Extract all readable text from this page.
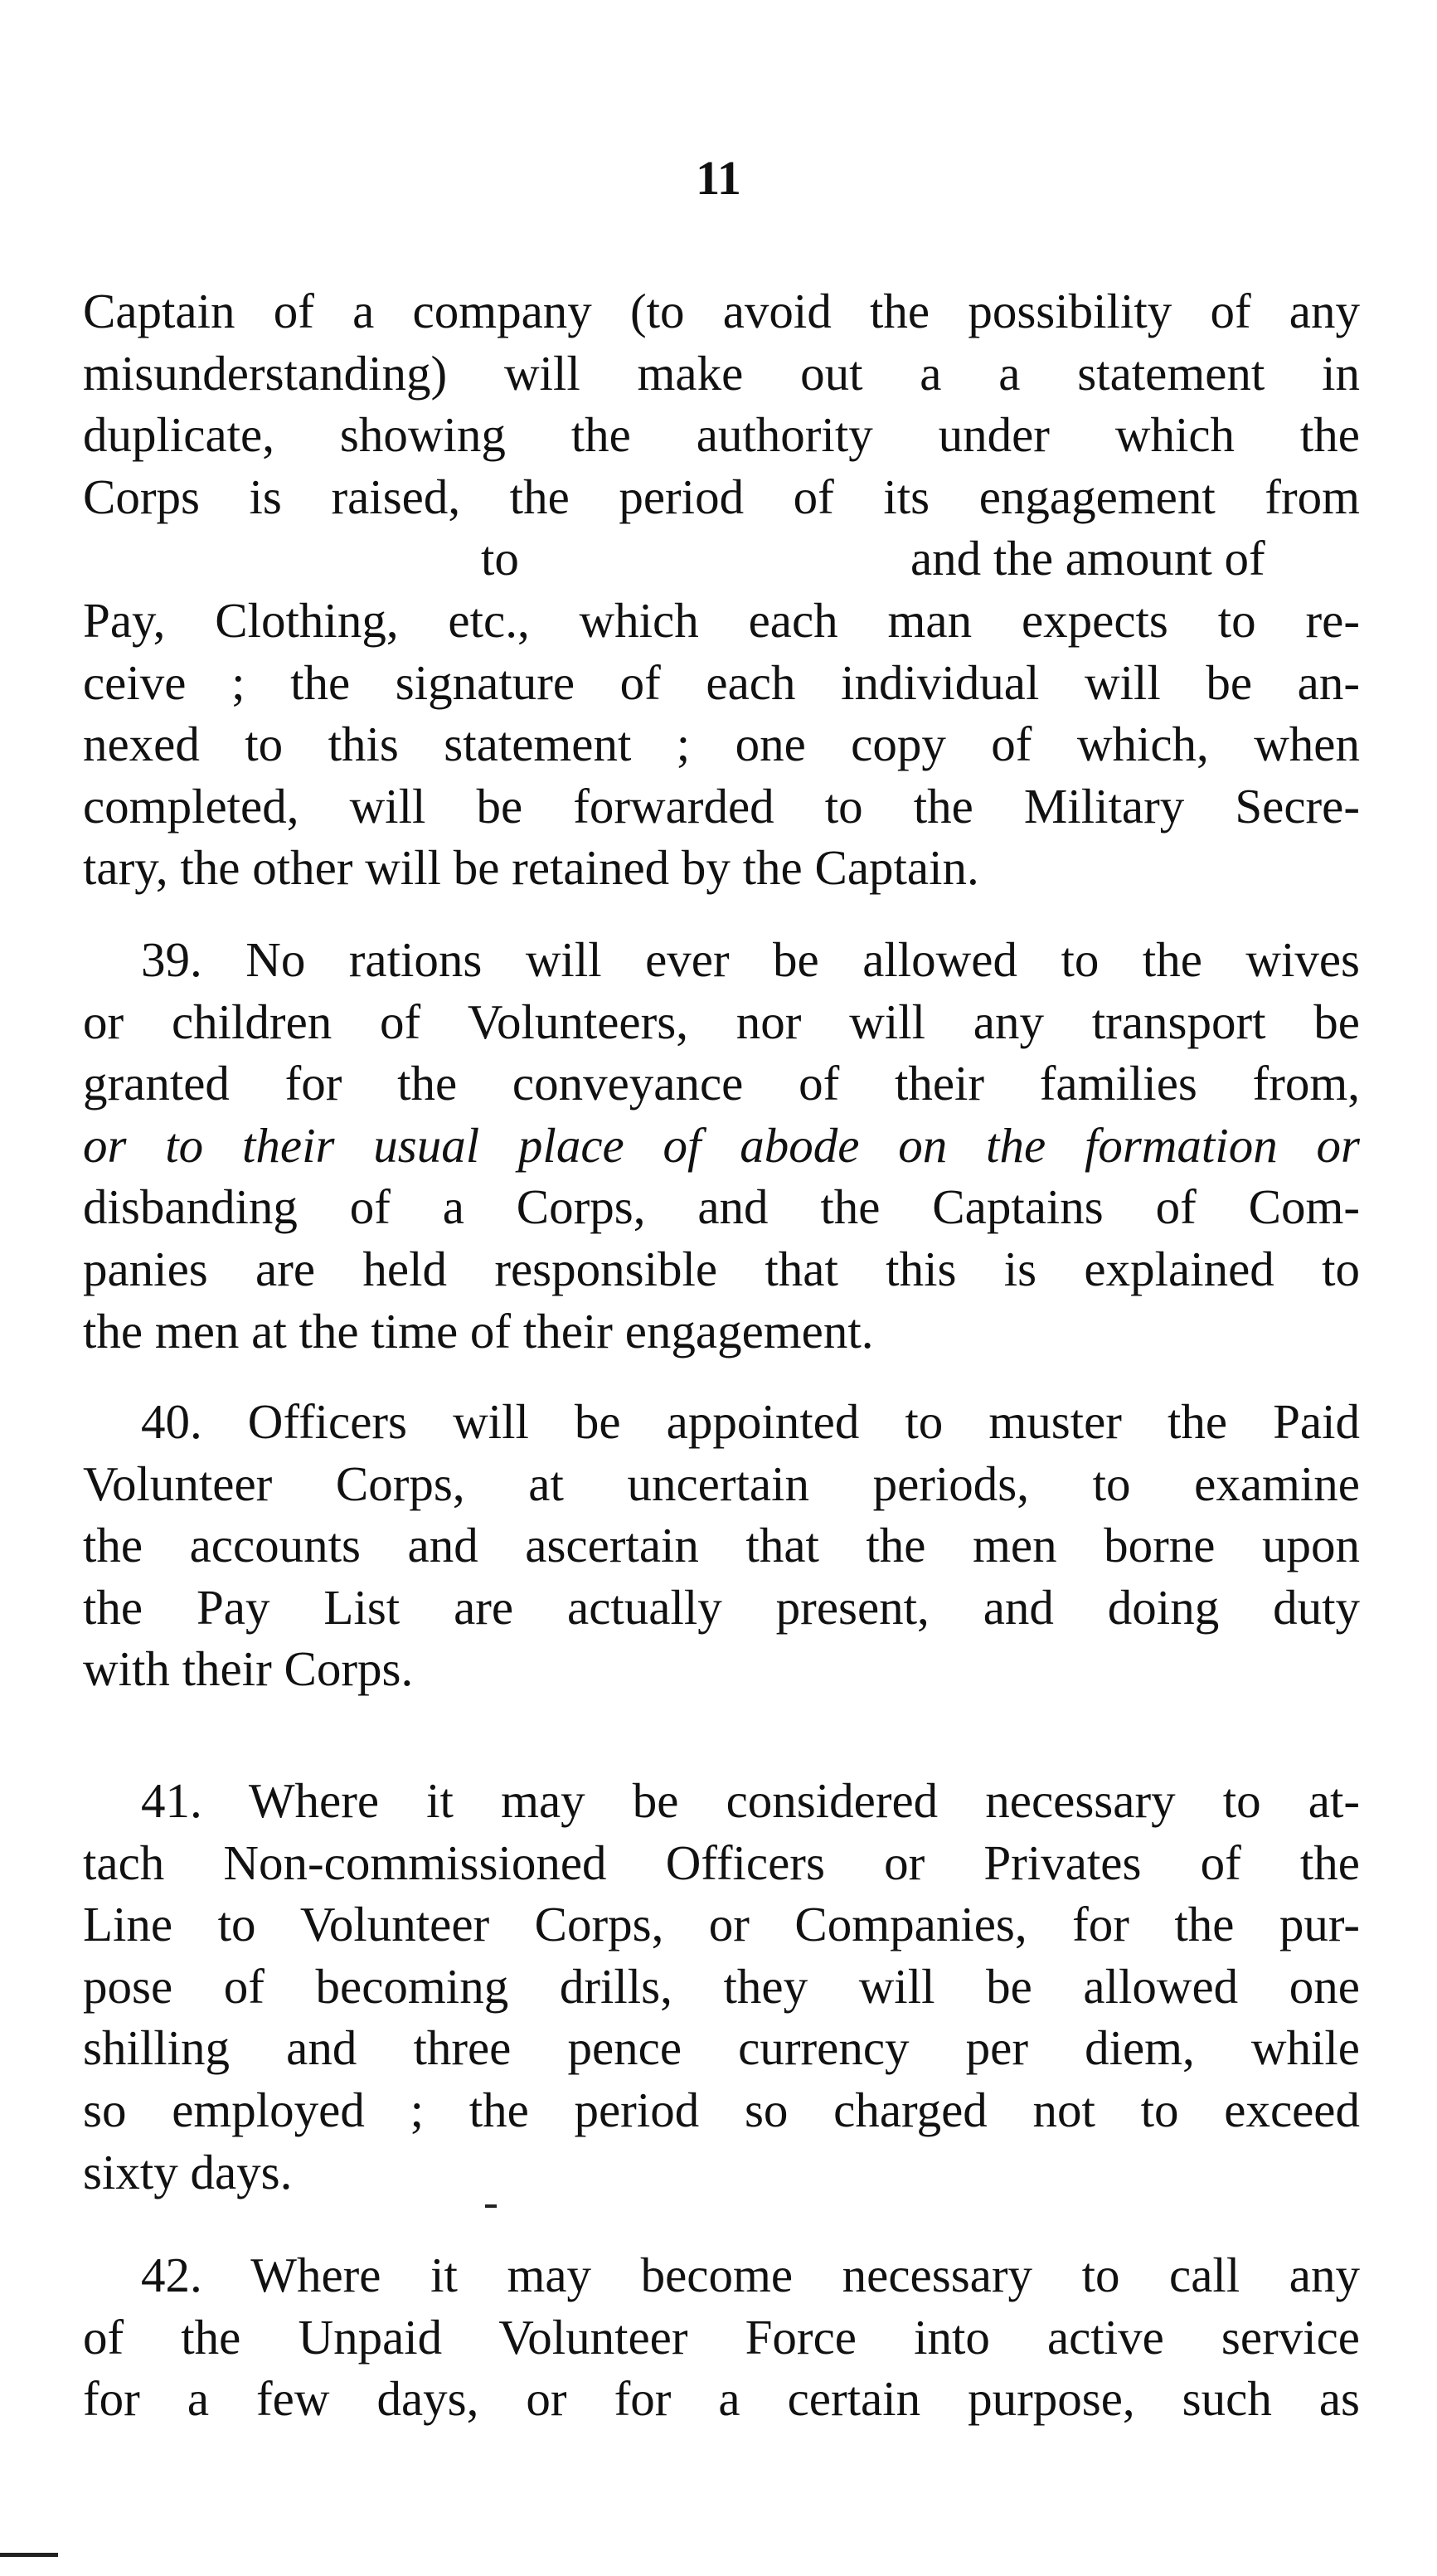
11
Captain of a company (to avoid the possibility of any
misunderstanding) will make out a a statement in
duplicate, showing the authority under which the
Corps is raised, the period of its engagement from
to	and the amount of
Pay, Clothing, etc., which each man expects to re-
ceive ; the signature of each individual will be an-
nexed to this statement ; one copy of which, when
completed, will be forwarded to the Military Secre-
tary, the other will be retained by the Captain.
39. No rations will ever be allowed to the wives
or children of Volunteers, nor will any transport be
granted for the conveyance of their families from,
or to their usual place of abode on the formation or
disbanding of a Corps, and the Captains of Com-
panies are held responsible that this is explained to
the men at the time of their engagement.
40. Officers will be appointed to muster the Paid
Volunteer Corps, at uncertain periods, to examine
the accounts and ascertain that the men borne upon
the Pay List are actually present, and doing duty
with their Corps.
41. Where it may be considered necessary to at-
tach Non-commissioned Officers or Privates of the
Line to Volunteer Corps, or Companies, for the pur-
pose of becoming drills, they will be allowed one
shilling and three pence currency per diem, while
so employed ; the period so charged not to exceed
sixty days.
42. Where it may become necessary to call any
of the Unpaid Volunteer Force into active service
for a few days, or for a certain purpose, such as
